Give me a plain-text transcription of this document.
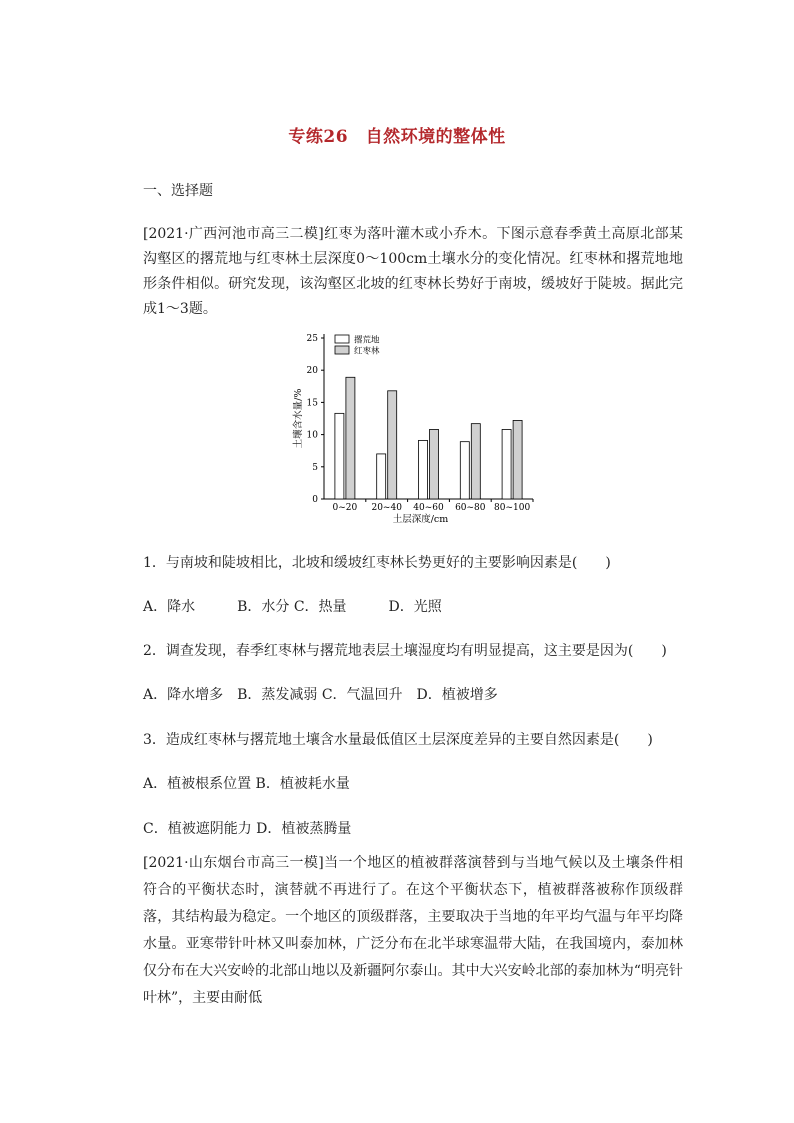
专练26　自然环境的整体性
一、选择题
[2021·广西河池市高三二模]红枣为落叶灌木或小乔木。下图示意春季黄土高原北部某沟壑区的撂荒地与红枣林土层深度0～100cm土壤水分的变化情况。红枣林和撂荒地地形条件相似。研究发现，该沟壑区北坡的红枣林长势好于南坡，缓坡好于陡坡。据此完成1～3题。
0
5
10
15
20
25
0~20 20~40 40~60 60~80 80~100
土层深度/cm
土壤含水量/%
撂荒地
红枣林
1．与南坡和陡坡相比，北坡和缓坡红枣林长势更好的主要影响因素是(　　)
A．降水　　　B．水分 C．热量　　　D．光照
2．调查发现，春季红枣林与撂荒地表层土壤湿度均有明显提高，这主要是因为(　　)
A．降水增多　B．蒸发减弱 C．气温回升　D．植被增多
3．造成红枣林与撂荒地土壤含水量最低值区土层深度差异的主要自然因素是(　　)
A．植被根系位置 B．植被耗水量
C．植被遮阴能力 D．植被蒸腾量
[2021·山东烟台市高三一模]当一个地区的植被群落演替到与当地气候以及土壤条件相符合的平衡状态时，演替就不再进行了。在这个平衡状态下，植被群落被称作顶级群落，其结构最为稳定。一个地区的顶级群落，主要取决于当地的年平均气温与年平均降水量。亚寒带针叶林又叫泰加林，广泛分布在北半球寒温带大陆，在我国境内，泰加林仅分布在大兴安岭的北部山地以及新疆阿尔泰山。其中大兴安岭北部的泰加林为“明亮针叶林”，主要由耐低
